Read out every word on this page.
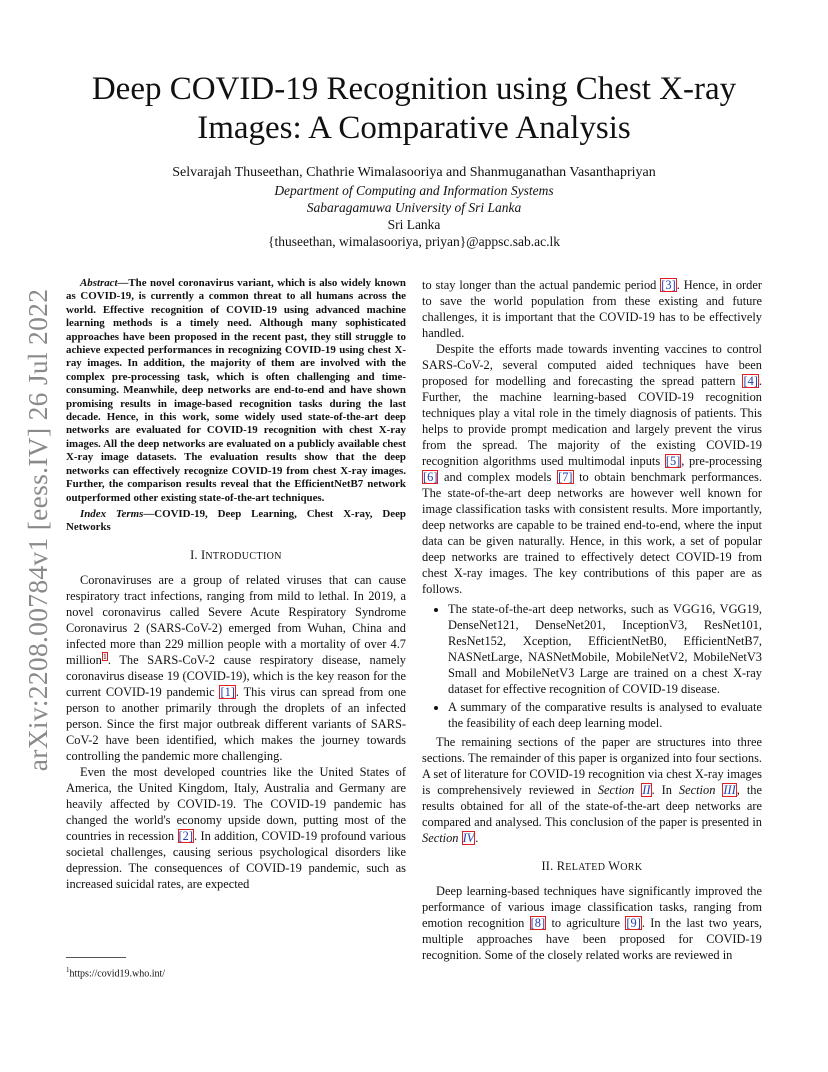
arXiv:2208.00784v1 [eess.IV] 26 Jul 2022
Deep COVID-19 Recognition using Chest X-ray
Images: A Comparative Analysis
Selvarajah Thuseethan, Chathrie Wimalasooriya and Shanmuganathan Vasanthapriyan
Department of Computing and Information Systems
Sabaragamuwa University of Sri Lanka
Sri Lanka
{thuseethan, wimalasooriya, priyan}@appsc.sab.ac.lk

Abstract—The novel coronavirus variant, which is also widely known as COVID-19, is currently a common threat to all humans across the world. Effective recognition of COVID-19 using advanced machine learning methods is a timely need. Although many sophisticated approaches have been proposed in the recent past, they still struggle to achieve expected performances in recognizing COVID-19 using chest X-ray images. In addition, the majority of them are involved with the complex pre-processing task, which is often challenging and time-consuming. Meanwhile, deep networks are end-to-end and have shown promising results in image-based recognition tasks during the last decade. Hence, in this work, some widely used state-of-the-art deep networks are evaluated for COVID-19 recognition with chest X-ray images. All the deep networks are evaluated on a publicly available chest X-ray image datasets. The evaluation results show that the deep networks can effectively recognize COVID-19 from chest X-ray images. Further, the comparison results reveal that the EfficientNetB7 network outperformed other existing state-of-the-art techniques.

Index Terms—COVID-19, Deep Learning, Chest X-ray, Deep Networks

I. INTRODUCTION

Coronaviruses are a group of related viruses that can cause respiratory tract infections, ranging from mild to lethal. In 2019, a novel coronavirus called Severe Acute Respiratory Syndrome Coronavirus 2 (SARS-CoV-2) emerged from Wuhan, China and infected more than 229 million people with a mortality of over 4.7 million$^1$. The SARS-CoV-2 cause respiratory disease, namely coronavirus disease 19 (COVID-19), which is the key reason for the current COVID-19 pandemic [1]. This virus can spread from one person to another primarily through the droplets of an infected person. Since the first major outbreak different variants of SARS-CoV-2 have been identified, which makes the journey towards controlling the pandemic more challenging.

Even the most developed countries like the United States of America, the United Kingdom, Italy, Australia and Germany are heavily affected by COVID-19. The COVID-19 pandemic has changed the world's economy upside down, putting most of the countries in recession [2]. In addition, COVID-19 profound various societal challenges, causing serious psychological disorders like depression. The consequences of COVID-19 pandemic, such as increased suicidal rates, are expected

$^1$https://covid19.who.int/

to stay longer than the actual pandemic period [3]. Hence, in order to save the world population from these existing and future challenges, it is important that the COVID-19 has to be effectively handled.

Despite the efforts made towards inventing vaccines to control SARS-CoV-2, several computed aided techniques have been proposed for modelling and forecasting the spread pattern [4]. Further, the machine learning-based COVID-19 recognition techniques play a vital role in the timely diagnosis of patients. This helps to provide prompt medication and largely prevent the virus from the spread. The majority of the existing COVID-19 recognition algorithms used multimodal inputs [5], pre-processing [6] and complex models [7] to obtain benchmark performances. The state-of-the-art deep networks are however well known for image classification tasks with consistent results. More importantly, deep networks are capable to be trained end-to-end, where the input data can be given naturally. Hence, in this work, a set of popular deep networks are trained to effectively detect COVID-19 from chest X-ray images. The key contributions of this paper are as follows.

• The state-of-the-art deep networks, such as VGG16, VGG19, DenseNet121, DenseNet201, InceptionV3, ResNet101, ResNet152, Xception, EfficientNetB0, EfficientNetB7, NASNetLarge, NASNetMobile, MobileNetV2, MobileNetV3 Small and MobileNetV3 Large are trained on a chest X-ray dataset for effective recognition of COVID-19 disease.
• A summary of the comparative results is analysed to evaluate the feasibility of each deep learning model.

The remaining sections of the paper are structures into three sections. The remainder of this paper is organized into four sections. A set of literature for COVID-19 recognition via chest X-ray images is comprehensively reviewed in Section II. In Section III, the results obtained for all of the state-of-the-art deep networks are compared and analysed. This conclusion of the paper is presented in Section IV.

II. RELATED WORK

Deep learning-based techniques have significantly improved the performance of various image classification tasks, ranging from emotion recognition [8] to agriculture [9]. In the last two years, multiple approaches have been proposed for COVID-19 recognition. Some of the closely related works are reviewed in
